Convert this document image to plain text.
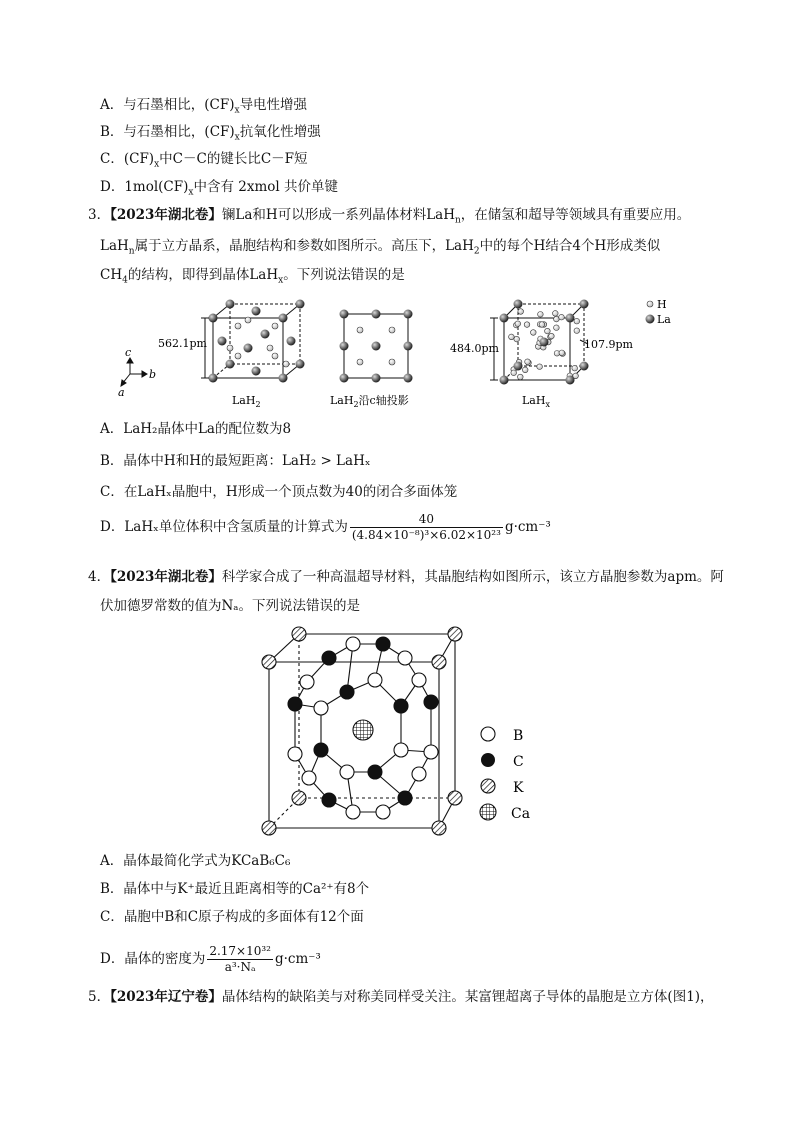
A．与石墨相比，$(CF)_x$导电性增强
B．与石墨相比，$(CF)_x$抗氧化性增强
C．$(CF)_x$中C－C的键长比C－F短
D．$1mol(CF)_x$中含有 2xmol 共价单键
3．【2023年湖北卷】镧La和H可以形成一系列晶体材料LaH$_n$，在储氢和超导等领域具有重要应用。
LaH$_n$属于立方晶系，晶胞结构和参数如图所示。高压下，LaH$_2$中的每个H结合4个H形成类似
$CH_4$的结构，即得到晶体LaH$_x$。下列说法错误的是
562.1pm
c
b
a
LaH$_2$	LaH$_2$沿c轴投影
484.0pm	107.9pm
LaH$_x$
H
La
A．LaH₂晶体中La的配位数为8
B．晶体中H和H的最短距离：LaH₂ > LaHₓ
C．在LaHₓ晶胞中，H形成一个顶点数为40的闭合多面体笼
D．LaHₓ单位体积中含氢质量的计算式为 $\frac{40}{\text{(4.84×10⁻⁸)³×6.02×10²³}} g\cdot cm^{-3}$
4．【2023年湖北卷】科学家合成了一种高温超导材料，其晶胞结构如图所示，该立方晶胞参数为apm。阿
伏加德罗常数的值为Nₐ。下列说法错误的是
B
C
K
Ca
A．晶体最简化学式为KCaB₆C₆
B．晶体中与K⁺最近且距离相等的Ca²⁺有8个
C．晶胞中B和C原子构成的多面体有12个面
D．晶体的密度为 $\frac{\text{2.17×10³²}}{\text{a³·Nₐ}} g\cdot cm^{-3}$
5．【2023年辽宁卷】晶体结构的缺陷美与对称美同样受关注。某富锂超离子导体的晶胞是立方体(图1)，
